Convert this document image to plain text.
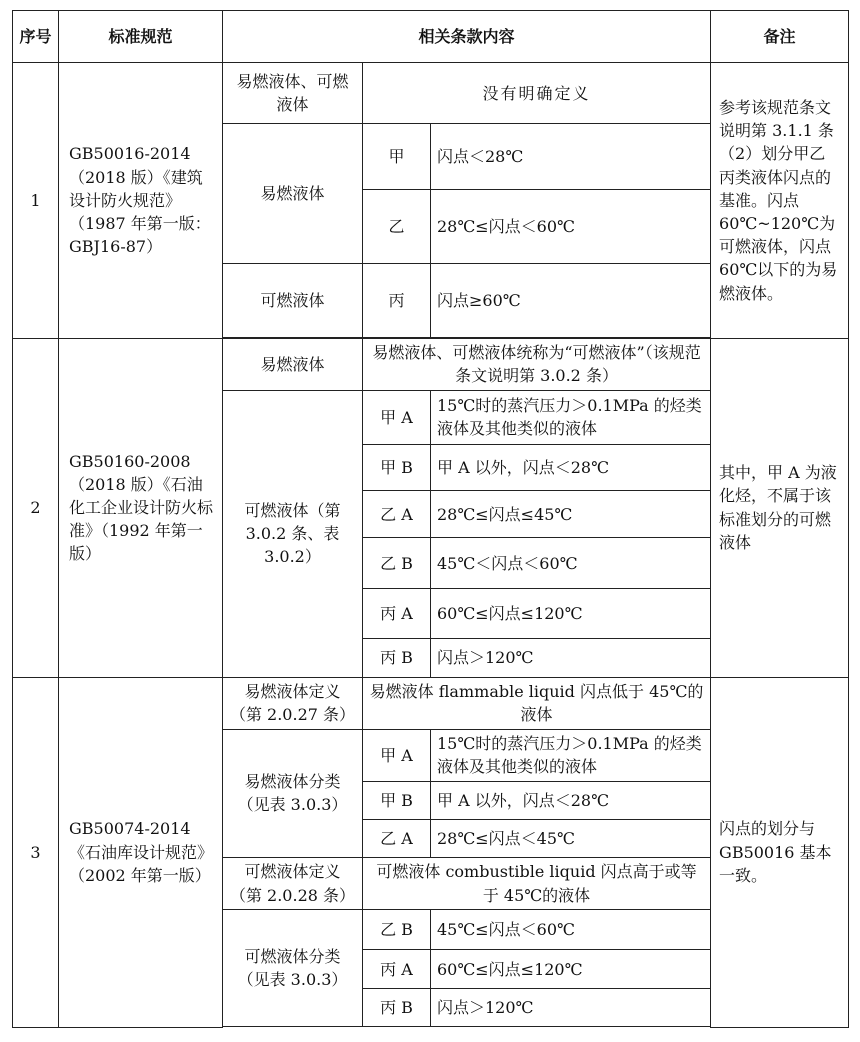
序号	标准规范	相关条款内容			备注
1	GB50016-2014（2018 版）《建筑设计防火规范》（1987 年第一版：GBJ16-87）	易燃液体、可燃液体	没有明确定义		参考该规范条文说明第 3.1.1 条（2）划分甲乙丙类液体闪点的基准。闪点 60℃~120℃为可燃液体，闪点 60℃以下的为易燃液体。
		易燃液体	甲	闪点＜28℃	
			乙	28℃≤闪点＜60℃	
		可燃液体	丙	闪点≥60℃	

2	GB50160-2008（2018 版）《石油化工企业设计防火标准》（1992 年第一版）	易燃液体	易燃液体、可燃液体统称为“可燃液体”（该规范条文说明第 3.0.2 条）		其中，甲 A 为液化烃，不属于该标准划分的可燃液体
		可燃液体（第 3.0.2 条、表 3.0.2）	甲 A	15℃时的蒸汽压力＞0.1MPa 的烃类液体及其他类似的液体	
			甲 B	甲 A 以外，闪点＜28℃	
			乙 A	28℃≤闪点≤45℃	
			乙 B	45℃＜闪点＜60℃	
			丙 A	60℃≤闪点≤120℃	
			丙 B	闪点＞120℃	
3	GB50074-2014《石油库设计规范》（2002 年第一版）	易燃液体定义（第 2.0.27 条）	易燃液体 flammable liquid 闪点低于 45℃的液体		闪点的划分与 GB50016 基本一致。
		易燃液体分类（见表 3.0.3）	甲 A	15℃时的蒸汽压力＞0.1MPa 的烃类液体及其他类似的液体	
			甲 B	甲 A 以外，闪点＜28℃	
			乙 A	28℃≤闪点＜45℃	
		可燃液体定义（第 2.0.28 条）	可燃液体 combustible liquid 闪点高于或等于 45℃的液体		
		可燃液体分类（见表 3.0.3）	乙 B	45℃≤闪点＜60℃	
			丙 A	60℃≤闪点≤120℃	
			丙 B	闪点＞120℃	
